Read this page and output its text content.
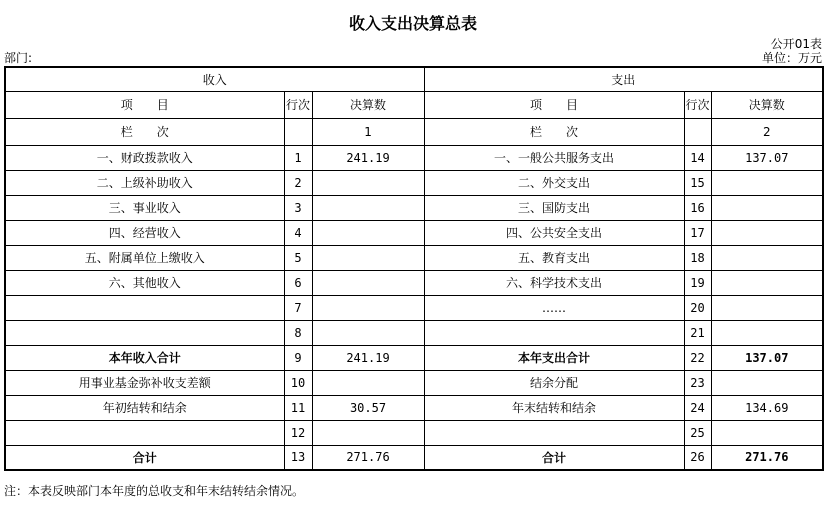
收入支出决算总表
公开01表
部门:	单位：万元
收入			支出		
项　　目	行次	决算数	项　　目	行次	决算数
栏　　次		1	栏　　次		2
一、财政拨款收入	1	241.19	一、一般公共服务支出	14	137.07
二、上级补助收入	2		二、外交支出	15	
三、事业收入	3		三、国防支出	16	
四、经营收入	4		四、公共安全支出	17	
五、附属单位上缴收入	5		五、教育支出	18	
六、其他收入	6		六、科学技术支出	19	
	7		……	20	
	8			21	
本年收入合计	9	241.19	本年支出合计	22	137.07
用事业基金弥补收支差额	10		结余分配	23	
年初结转和结余	11	30.57	年末结转和结余	24	134.69
	12			25	
合计	13	271.76	合计	26	271.76
注：本表反映部门本年度的总收支和年末结转结余情况。
